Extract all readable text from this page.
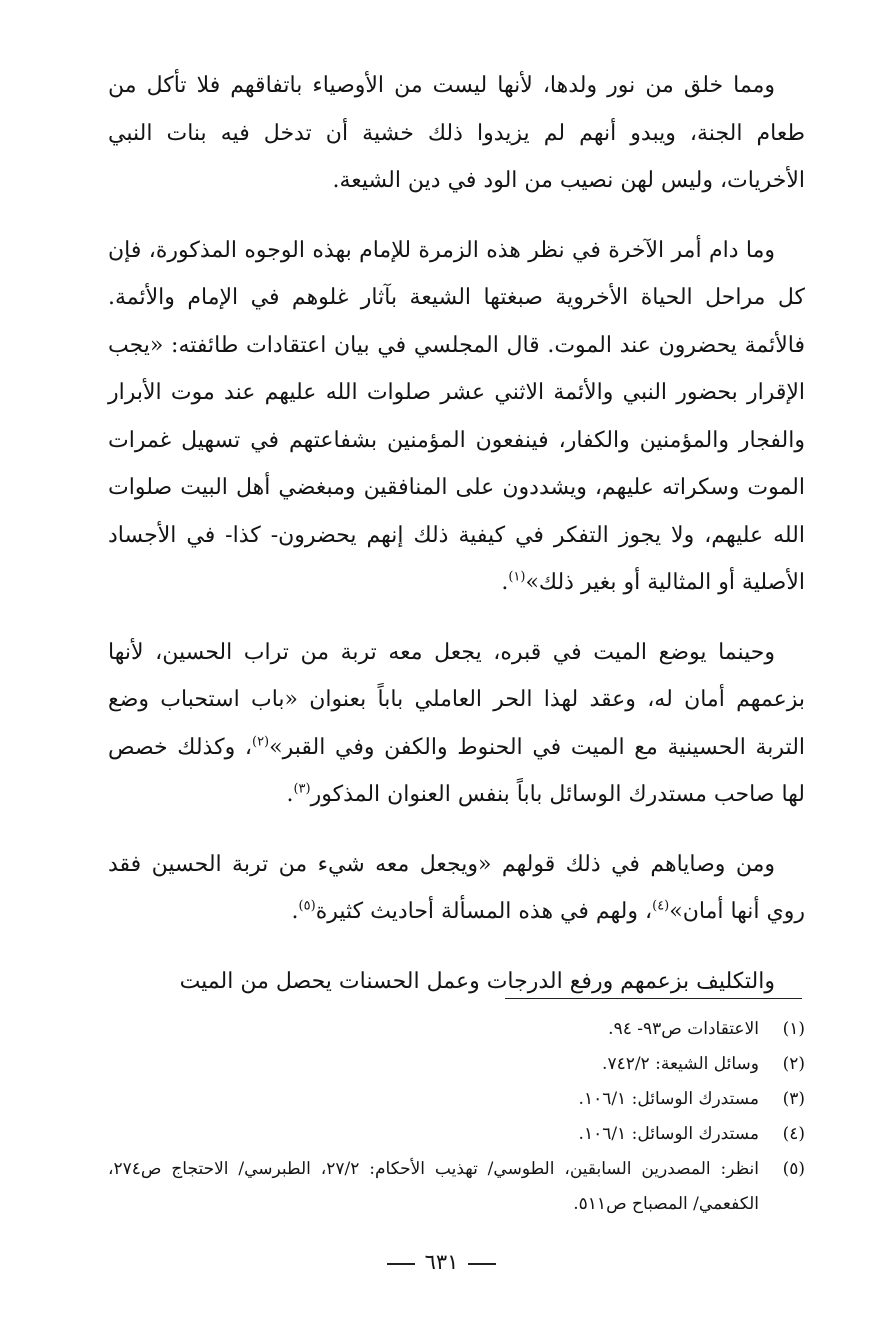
ومما خلق من نور ولدها، لأنها ليست من الأوصياء باتفاقهم فلا تأكل من طعام الجنة، ويبدو أنهم لم يزيدوا ذلك خشية أن تدخل فيه بنات النبي الأخريات، وليس لهن نصيب من الود في دين الشيعة.

وما دام أمر الآخرة في نظر هذه الزمرة للإمام بهذه الوجوه المذكورة، فإن كل مراحل الحياة الأخروية صبغتها الشيعة بآثار غلوهم في الإمام والأئمة. فالأئمة يحضرون عند الموت. قال المجلسي في بيان اعتقادات طائفته: «يجب الإقرار بحضور النبي والأئمة الاثني عشر صلوات الله عليهم عند موت الأبرار والفجار والمؤمنين والكفار، فينفعون المؤمنين بشفاعتهم في تسهيل غمرات الموت وسكراته عليهم، ويشددون على المنافقين ومبغضي أهل البيت صلوات الله عليهم، ولا يجوز التفكر في كيفية ذلك إنهم يحضرون- كذا- في الأجساد الأصلية أو المثالية أو بغير ذلك»$^{(١)}$.

وحينما يوضع الميت في قبره، يجعل معه تربة من تراب الحسين، لأنها بزعمهم أمان له، وعقد لهذا الحر العاملي باباً بعنوان «باب استحباب وضع التربة الحسينية مع الميت في الحنوط والكفن وفي القبر»$^{(٢)}$، وكذلك خصص لها صاحب مستدرك الوسائل باباً بنفس العنوان المذكور$^{(٣)}$.

ومن وصاياهم في ذلك قولهم «ويجعل معه شيء من تربة الحسين فقد روي أنها أمان»$^{(٤)}$، ولهم في هذه المسألة أحاديث كثيرة$^{(٥)}$.

والتكليف بزعمهم ورفع الدرجات وعمل الحسنات يحصل من الميت

(١)
الاعتقادات ص٩٣- ٩٤.
(٢)
وسائل الشيعة: ٧٤٢/٢.
(٣)
مستدرك الوسائل: ١٠٦/١.
(٤)
مستدرك الوسائل: ١٠٦/١.
(٥)
انظر: المصدرين السابقين، الطوسي/ تهذيب الأحكام: ٢٧/٢، الطبرسي/ الاحتجاج ص٢٧٤، الكفعمي/ المصباح ص٥١١.
٦٣١
